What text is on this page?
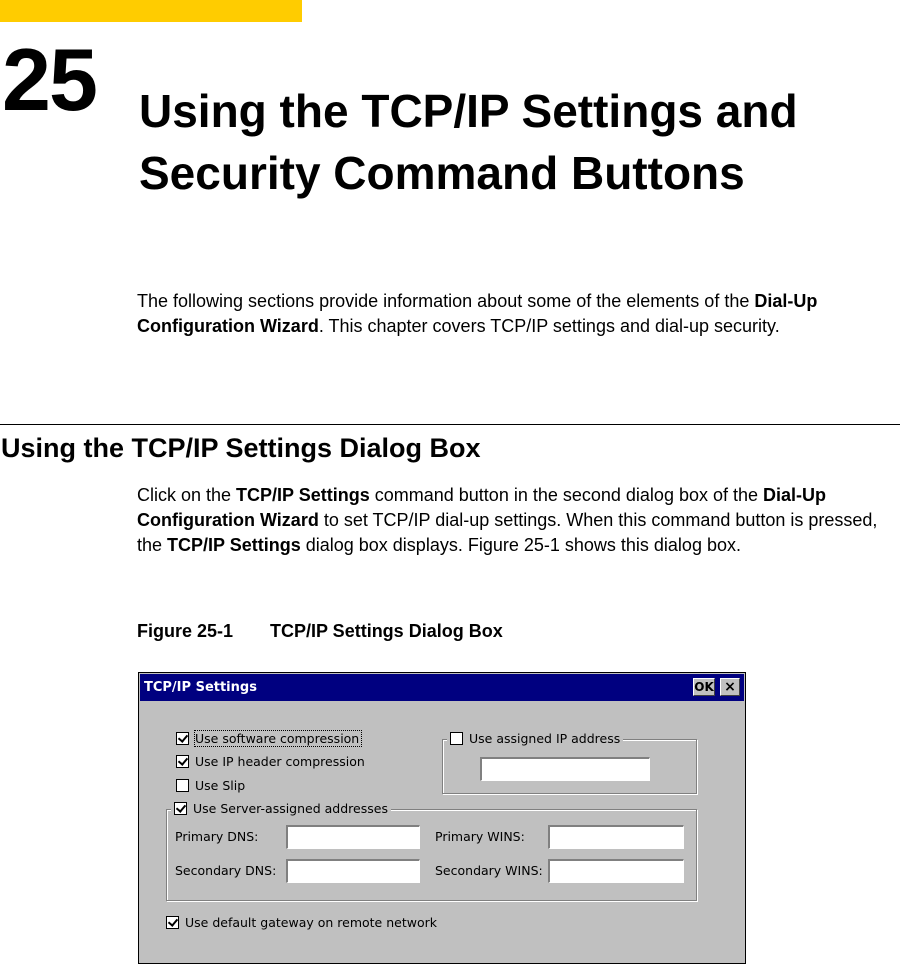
25 Using the TCP/IP Settings and
Security Command Buttons
The following sections provide information about some of the elements of the Dial-Up Configuration Wizard. This chapter covers TCP/IP settings and dial-up security.
Using the TCP/IP Settings Dialog Box
Click on the TCP/IP Settings command button in the second dialog box of the Dial-Up Configuration Wizard to set TCP/IP dial-up settings. When this command button is pressed, the TCP/IP Settings dialog box displays. Figure 25-1 shows this dialog box.
Figure 25-1 TCP/IP Settings Dialog Box
TCP/IP Settings	OK ×
Use software compression
Use IP header compression
Use Slip
Use assigned IP address
Use Server-assigned addresses
Primary DNS:	Primary WINS:
Secondary DNS:	Secondary WINS:
Use default gateway on remote network
